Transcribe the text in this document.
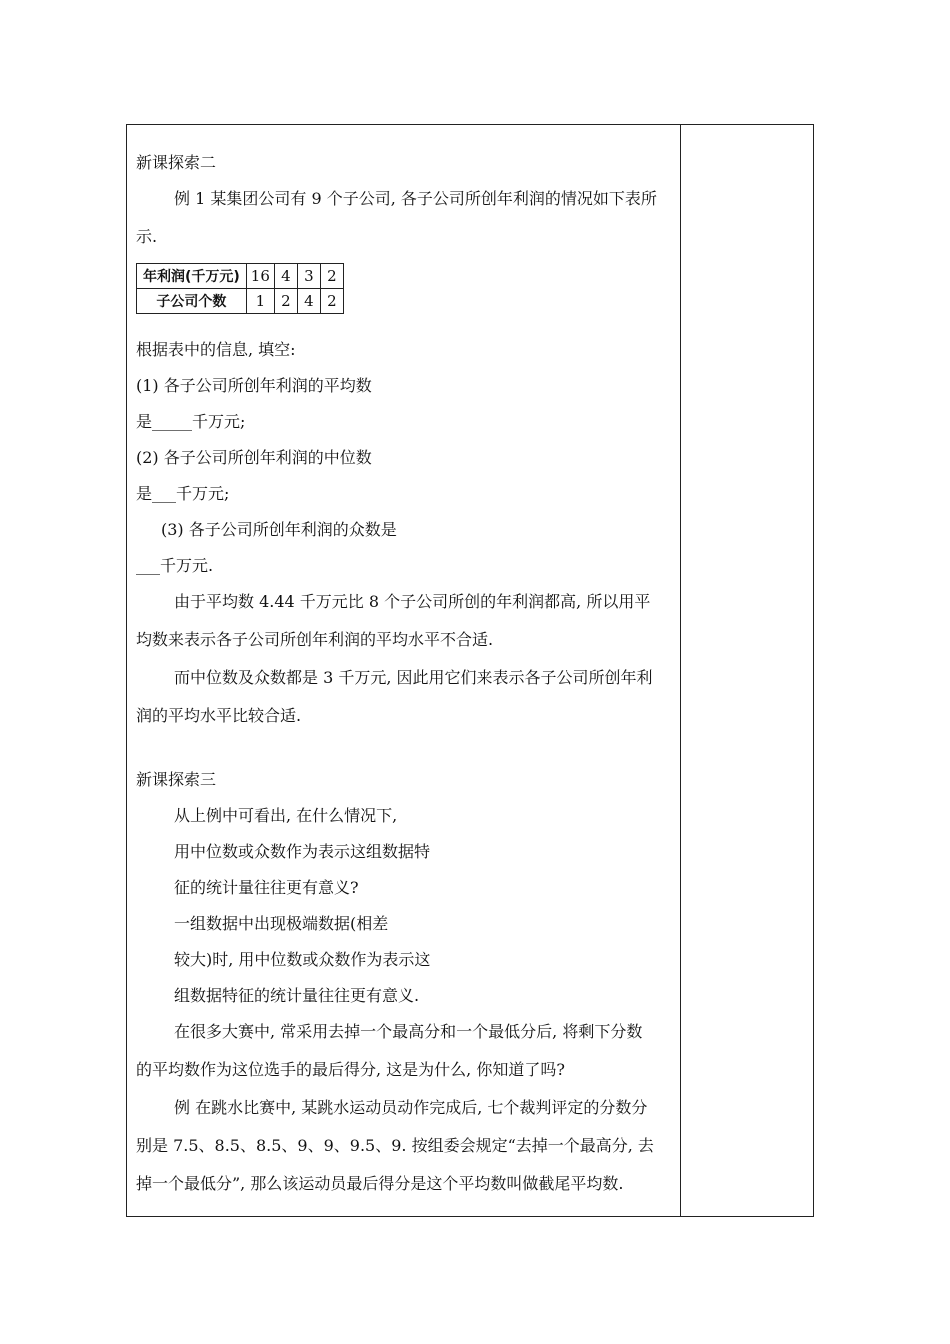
新课探索二
例 1 某集团公司有 9 个子公司, 各子公司所创年利润的情况如下表所
示.
年利润(千万元)	16	4	3	2
子公司个数	1	2	4	2
根据表中的信息, 填空:
(1) 各子公司所创年利润的平均数
是_____千万元;
(2) 各子公司所创年利润的中位数
是___千万元;
(3) 各子公司所创年利润的众数是
___千万元.
由于平均数 4.44 千万元比 8 个子公司所创的年利润都高, 所以用平
均数来表示各子公司所创年利润的平均水平不合适.
而中位数及众数都是 3 千万元, 因此用它们来表示各子公司所创年利
润的平均水平比较合适.
新课探索三
从上例中可看出, 在什么情况下,
用中位数或众数作为表示这组数据特
征的统计量往往更有意义?
一组数据中出现极端数据(相差
较大)时, 用中位数或众数作为表示这
组数据特征的统计量往往更有意义.
在很多大赛中, 常采用去掉一个最高分和一个最低分后, 将剩下分数
的平均数作为这位选手的最后得分, 这是为什么, 你知道了吗?
例 在跳水比赛中, 某跳水运动员动作完成后, 七个裁判评定的分数分
别是 7.5、8.5、8.5、9、9、9.5、9. 按组委会规定“去掉一个最高分, 去
掉一个最低分”, 那么该运动员最后得分是这个平均数叫做截尾平均数.
